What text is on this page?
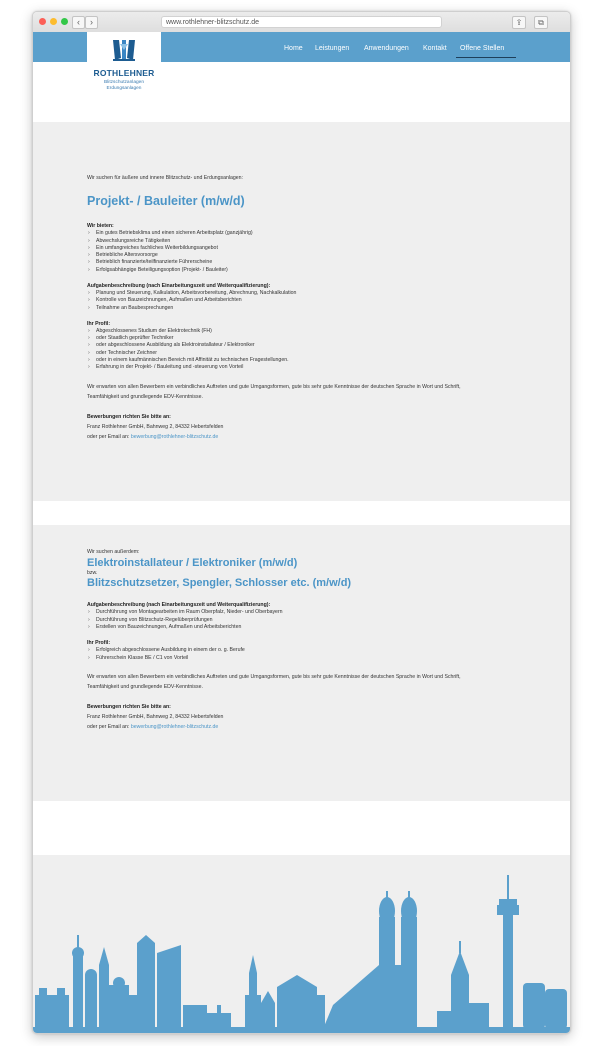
‹	›	www.rothlehner-blitzschutz.de	⇪	⧉
ROTHLEHNER
Blitzschutzanlagen
Erdungsanlagen
Home Leistungen Anwendungen Kontakt Offene Stellen
Wir suchen für äußere und innere Blitzschutz- und Erdungsanlagen:
Projekt- / Bauleiter (m/w/d)
Wir bieten:
› Ein gutes Betriebsklima und einen sicheren Arbeitsplatz (ganzjährig)
› Abwechslungsreiche Tätigkeiten
› Ein umfangreiches fachliches Weiterbildungsangebot
› Betriebliche Altersvorsorge
› Betrieblich finanzierte/teilfinanzierte Führerscheine
› Erfolgsabhängige Beteiligungsoption (Projekt- / Bauleiter)
Aufgabenbeschreibung (nach Einarbeitungszeit und Weiterqualifizierung):
› Planung und Steuerung, Kalkulation, Arbeitsvorbereitung, Abrechnung, Nachkalkulation
› Kontrolle von Bauzeichnungen, Aufmaßen und Arbeitsberichten
› Teilnahme an Baubesprechungen
Ihr Profil:
› Abgeschlossenes Studium der Elektrotechnik (FH)
› oder Staatlich geprüfter Techniker
› oder abgeschlossene Ausbildung als Elektroinstallateur / Elektroniker
› oder Technischer Zeichner
› oder in einem kaufmännischen Bereich mit Affinität zu technischen Fragestellungen.
› Erfahrung in der Projekt- / Bauleitung und -steuerung von Vorteil
Wir erwarten von allen Bewerbern ein verbindliches Auftreten und gute Umgangsformen, gute bis sehr gute Kenntnisse der deutschen Sprache in Wort und Schrift,
Teamfähigkeit und grundlegende EDV-Kenntnisse.
Bewerbungen richten Sie bitte an:
Franz Rothlehner GmbH, Bahnweg 2, 84332 Hebertsfelden
oder per Email an: bewerbung@rothlehner-blitzschutz.de
Wir suchen außerdem:
Elektroinstallateur / Elektroniker (m/w/d)
bzw.
Blitzschutzsetzer, Spengler, Schlosser etc. (m/w/d)
Aufgabenbeschreibung (nach Einarbeitungszeit und Weiterqualifizierung):
› Durchführung von Montagearbeiten im Raum Oberpfalz, Nieder- und Oberbayern
› Durchführung von Blitzschutz-Regelüberprüfungen
› Erstellen von Bauzeichnungen, Aufmaßen und Arbeitsberichten
Ihr Profil:
› Erfolgreich abgeschlossene Ausbildung in einem der o. g. Berufe
› Führerschein Klasse BE / C1 von Vorteil
Wir erwarten von allen Bewerbern ein verbindliches Auftreten und gute Umgangsformen, gute bis sehr gute Kenntnisse der deutschen Sprache in Wort und Schrift,
Teamfähigkeit und grundlegende EDV-Kenntnisse.
Bewerbungen richten Sie bitte an:
Franz Rothlehner GmbH, Bahnweg 2, 84332 Hebertsfelden
oder per Email an: bewerbung@rothlehner-blitzschutz.de
